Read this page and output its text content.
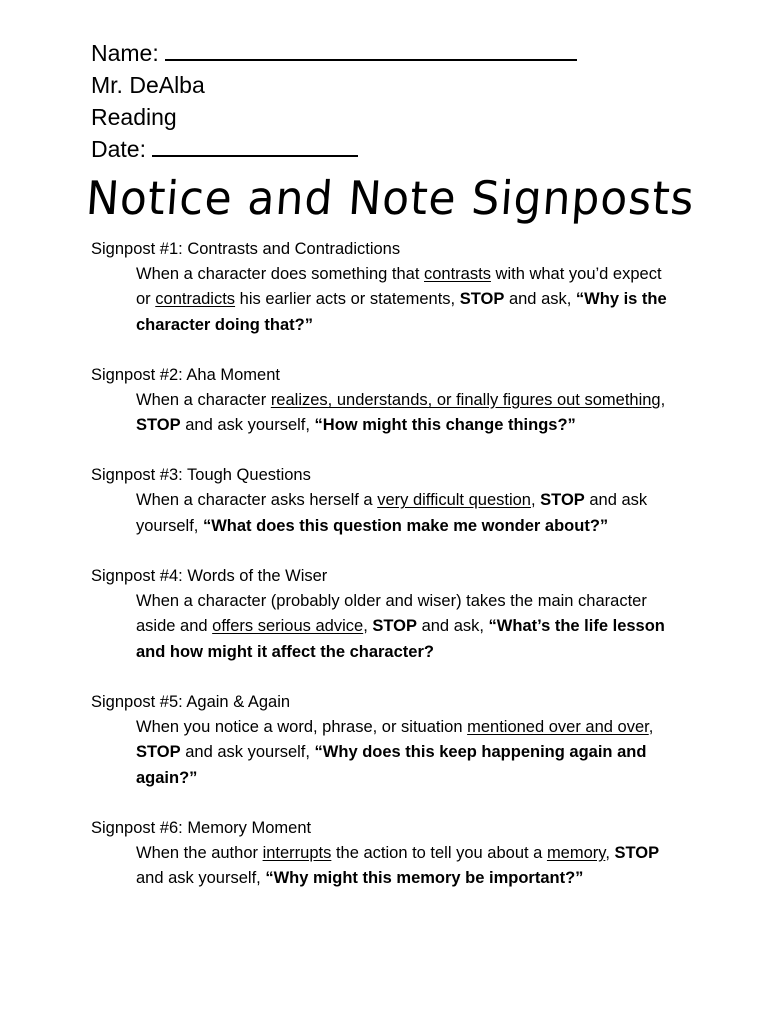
Name:
Mr. DeAlba
Reading
Date:
Notice and Note Signposts
Signpost #1: Contrasts and Contradictions
When a character does something that contrasts with what you’d expect or contradicts his earlier acts or statements, STOP and ask, “Why is the character doing that?”
Signpost #2: Aha Moment
When a character realizes, understands, or finally figures out something, STOP and ask yourself, “How might this change things?”
Signpost #3: Tough Questions
When a character asks herself a very difficult question, STOP and ask yourself, “What does this question make me wonder about?”
Signpost #4: Words of the Wiser
When a character (probably older and wiser) takes the main character aside and offers serious advice, STOP and ask, “What’s the life lesson and how might it affect the character?
Signpost #5: Again & Again
When you notice a word, phrase, or situation mentioned over and over, STOP and ask yourself, “Why does this keep happening again and again?”
Signpost #6: Memory Moment
When the author interrupts the action to tell you about a memory, STOP and ask yourself, “Why might this memory be important?”
